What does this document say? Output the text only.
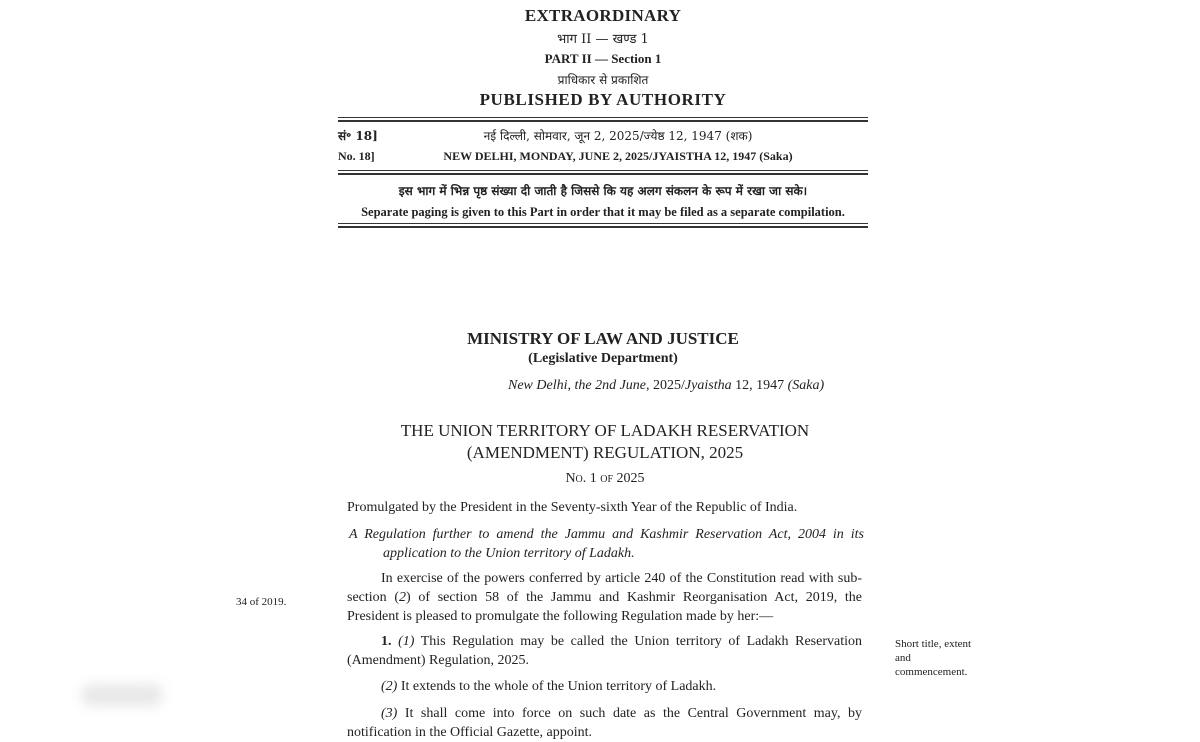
EXTRAORDINARY
भाग II — खण्ड 1
PART II — Section 1
प्राधिकार से प्रकाशित
PUBLISHED BY AUTHORITY
सं॰ 18]	नई दिल्ली, सोमवार, जून 2, 2025/ज्येष्ठ 12, 1947 (शक)
No. 18]	NEW DELHI, MONDAY, JUNE 2, 2025/JYAISTHA 12, 1947 (Saka)
इस भाग में भिन्न पृष्ठ संख्या दी जाती है जिससे कि यह अलग संकलन के रूप में रखा जा सके।
Separate paging is given to this Part in order that it may be filed as a separate compilation.
MINISTRY OF LAW AND JUSTICE
(Legislative Department)
New Delhi, the 2nd June, 2025/Jyaistha 12, 1947 (Saka)
THE UNION TERRITORY OF LADAKH RESERVATION
(AMENDMENT) REGULATION, 2025
No. 1 of 2025
Promulgated by the President in the Seventy-sixth Year of the Republic of India.
A Regulation further to amend the Jammu and Kashmir Reservation Act, 2004 in its application to the Union territory of Ladakh.
In exercise of the powers conferred by article 240 of the Constitution read with sub-section (2) of section 58 of the Jammu and Kashmir Reorganisation Act, 2019, the President is pleased to promulgate the following Regulation made by her:—
34 of 2019.
1. (1) This Regulation may be called the Union territory of Ladakh Reservation (Amendment) Regulation, 2025.
Short title, extent and commencement.
(2) It extends to the whole of the Union territory of Ladakh.
(3) It shall come into force on such date as the Central Government may, by notification in the Official Gazette, appoint.
